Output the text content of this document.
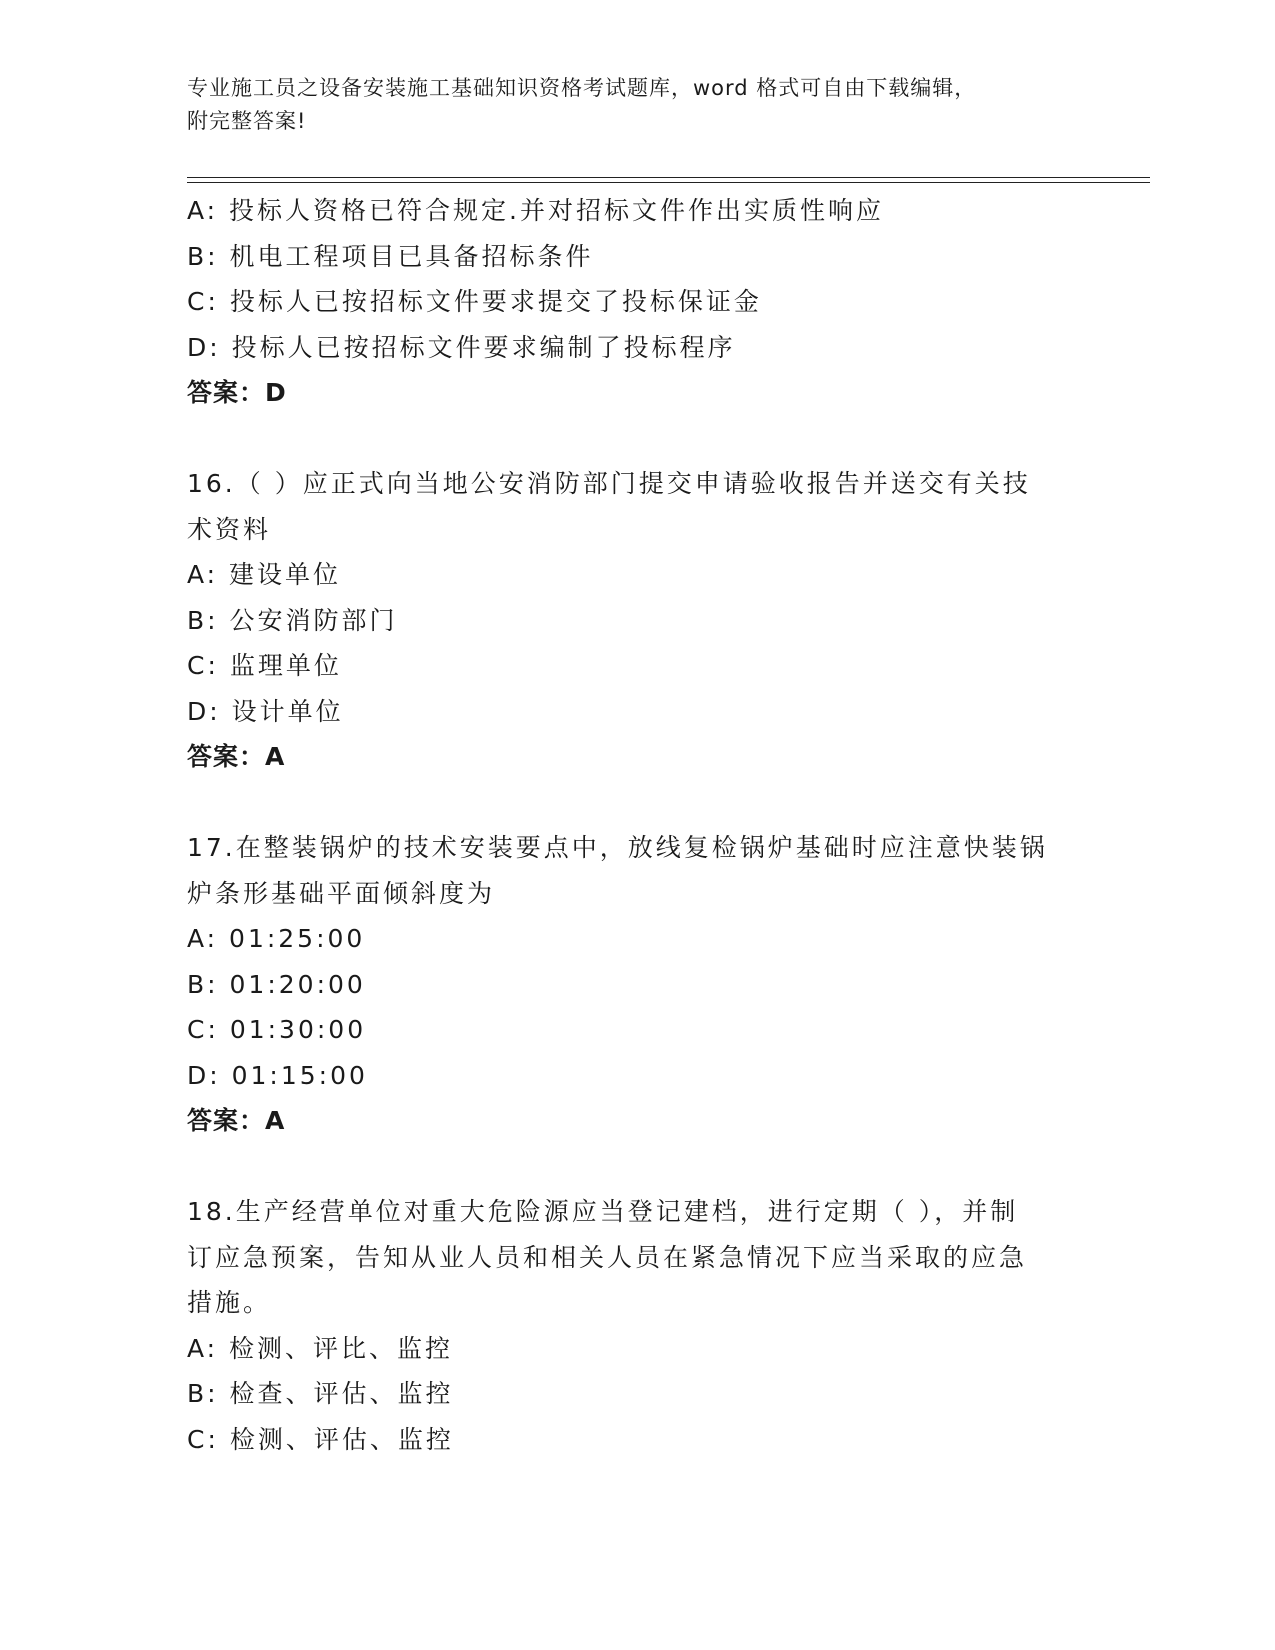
专业施工员之设备安装施工基础知识资格考试题库，word 格式可自由下载编辑，
附完整答案!
A: 投标人资格已符合规定.并对招标文件作出实质性响应
B: 机电工程项目已具备招标条件
C: 投标人已按招标文件要求提交了投标保证金
D: 投标人已按招标文件要求编制了投标程序
答案：D
16.（ ）应正式向当地公安消防部门提交申请验收报告并送交有关技
术资料
A: 建设单位
B: 公安消防部门
C: 监理单位
D: 设计单位
答案：A
17.在整装锅炉的技术安装要点中，放线复检锅炉基础时应注意快装锅
炉条形基础平面倾斜度为
A: 01:25:00
B: 01:20:00
C: 01:30:00
D: 01:15:00
答案：A
18.生产经营单位对重大危险源应当登记建档，进行定期（ ），并制
订应急预案，告知从业人员和相关人员在紧急情况下应当采取的应急
措施。
A: 检测、评比、监控
B: 检查、评估、监控
C: 检测、评估、监控
